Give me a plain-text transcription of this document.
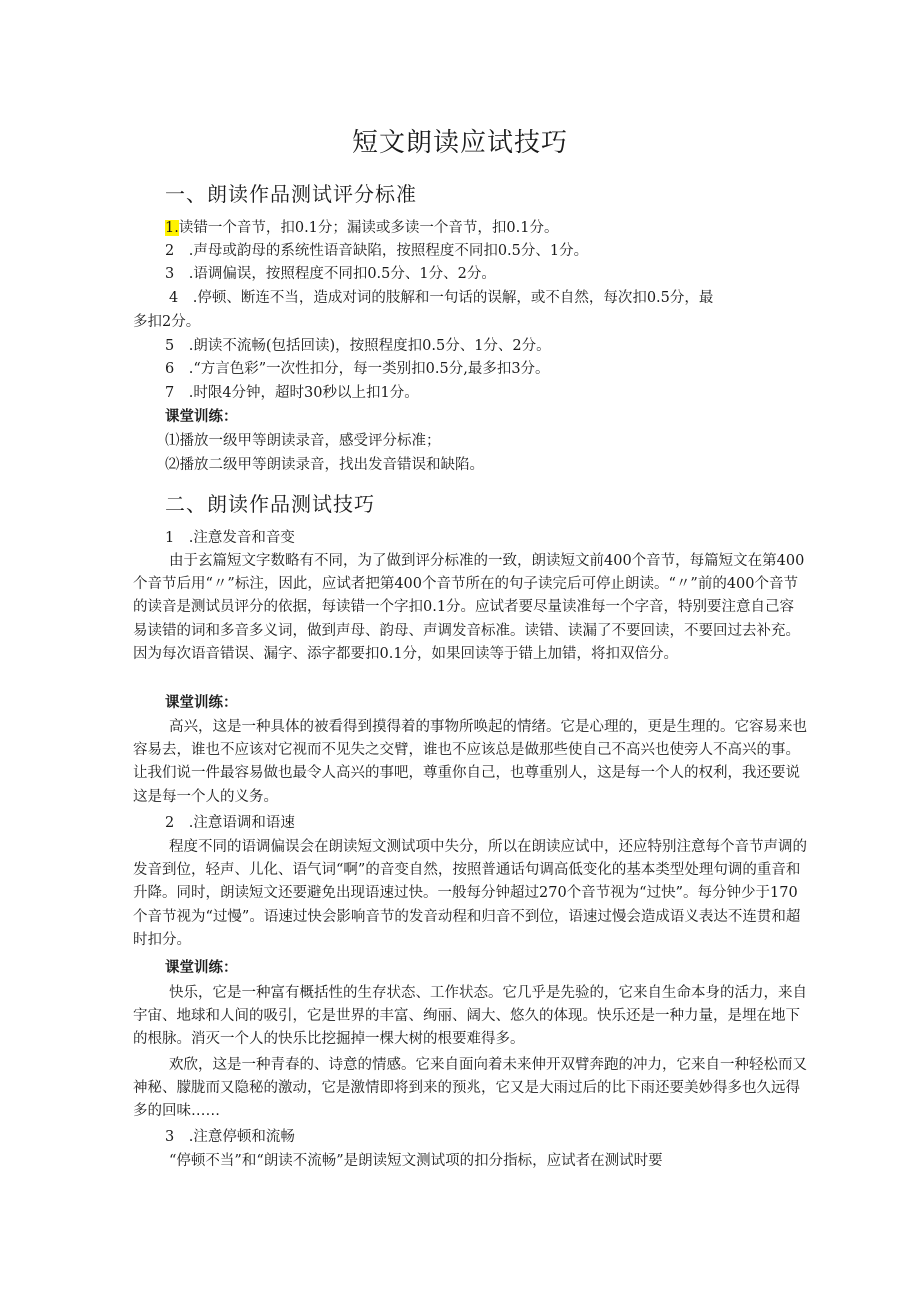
短文朗读应试技巧
一、朗读作品测试评分标准
1.读错一个音节，扣0.1分；漏读或多读一个音节，扣0.1分。
2　.声母或韵母的系统性语音缺陷，按照程度不同扣0.5分、1分。
3　.语调偏误，按照程度不同扣0.5分、1分、2分。
4　.停顿、断连不当，造成对词的肢解和一句话的误解，或不自然，每次扣0.5分，最
多扣2分。
5　.朗读不流畅(包括回读)，按照程度扣0.5分、1分、2分。
6　.“方言色彩”一次性扣分，每一类别扣0.5分,最多扣3分。
7　.时限4分钟，超时30秒以上扣1分。
课堂训练：
⑴播放一级甲等朗读录音，感受评分标准；
⑵播放二级甲等朗读录音，找出发音错误和缺陷。
二、朗读作品测试技巧
1　.注意发音和音变
由于玄篇短文字数略有不同，为了做到评分标准的一致，朗读短文前400个音节，每篇短文在第400个音节后用“〃”标注，因此，应试者把第400个音节所在的句子读完后可停止朗读。“〃”前的400个音节的读音是测试员评分的依据，每读错一个字扣0.1分。应试者要尽量读准每一个字音，特别要注意自己容易读错的词和多音多义词，做到声母、韵母、声调发音标准。读错、读漏了不要回读，不要回过去补充。因为每次语音错误、漏字、添字都要扣0.1分，如果回读等于错上加错，将扣双倍分。
课堂训练：
高兴，这是一种具体的被看得到摸得着的事物所唤起的情绪。它是心理的，更是生理的。它容易来也容易去，谁也不应该对它视而不见失之交臂，谁也不应该总是做那些使自己不高兴也使旁人不高兴的事。让我们说一件最容易做也最令人高兴的事吧，尊重你自己，也尊重别人，这是每一个人的权利，我还要说这是每一个人的义务。
2　.注意语调和语速
程度不同的语调偏误会在朗读短文测试项中失分，所以在朗读应试中，还应特别注意每个音节声调的发音到位，轻声、儿化、语气词“啊”的音变自然，按照普通话句调高低变化的基本类型处理句调的重音和升降。同时，朗读短文还要避免出现语速过快。一般每分钟超过270个音节视为“过快”。每分钟少于170个音节视为“过慢”。语速过快会影响音节的发音动程和归音不到位，语速过慢会造成语义表达不连贯和超时扣分。
课堂训练：
快乐，它是一种富有概括性的生存状态、工作状态。它几乎是先验的，它来自生命本身的活力，来自宇宙、地球和人间的吸引，它是世界的丰富、绚丽、阔大、悠久的体现。快乐还是一种力量，是埋在地下的根脉。消灭一个人的快乐比挖掘掉一棵大树的根要难得多。
欢欣，这是一种青春的、诗意的情感。它来自面向着未来伸开双臂奔跑的冲力，它来自一种轻松而又神秘、朦胧而又隐秘的激动，它是激情即将到来的预兆，它又是大雨过后的比下雨还要美妙得多也久远得多的回味……
3　.注意停顿和流畅
“停顿不当”和“朗读不流畅”是朗读短文测试项的扣分指标，应试者在测试时要
